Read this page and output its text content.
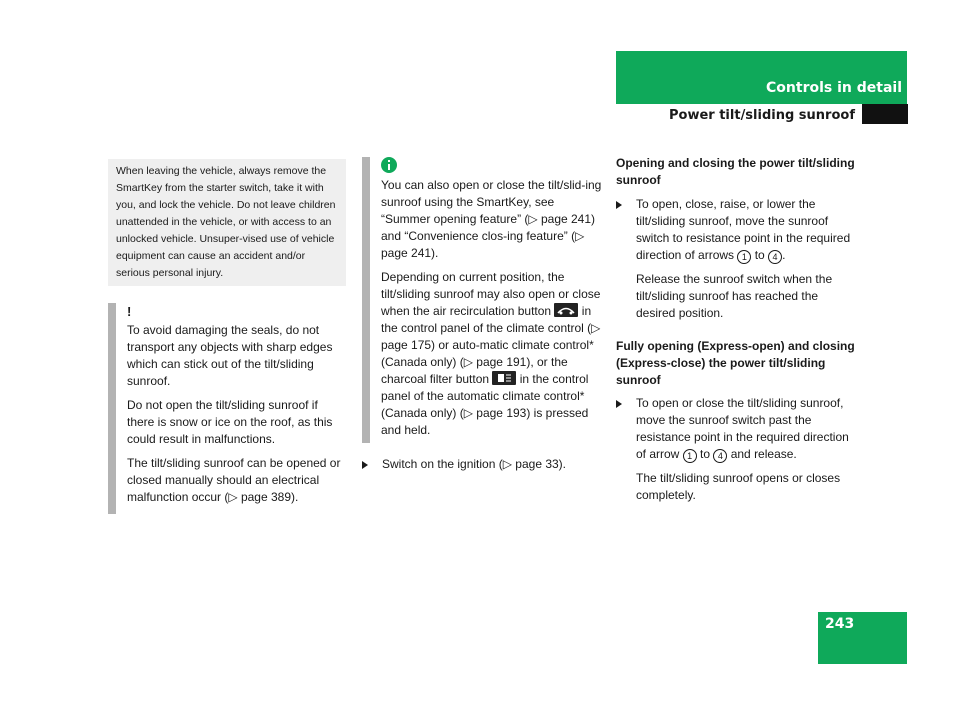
Controls in detail
Power tilt/sliding sunroof
When leaving the vehicle, always remove the SmartKey from the starter switch, take it with you, and lock the vehicle. Do not leave children unattended in the vehicle, or with access to an unlocked vehicle. Unsuper-vised use of vehicle equipment can cause an accident and/or serious personal injury.
!

To avoid damaging the seals, do not transport any objects with sharp edges which can stick out of the tilt/sliding sunroof.

Do not open the tilt/sliding sunroof if there is snow or ice on the roof, as this could result in malfunctions.

The tilt/sliding sunroof can be opened or closed manually should an electrical malfunction occur (▷ page 389).

You can also open or close the tilt/slid-ing sunroof using the SmartKey, see “Summer opening feature” (▷ page 241) and “Convenience clos-ing feature” (▷ page 241).

Depending on current position, the tilt/sliding sunroof may also open or close when the air recirculation button  in the control panel of the climate control (▷ page 175) or auto-matic climate control* (Canada only) (▷ page 191), or the charcoal filter button  in the control panel of the automatic climate control* (Canada only) (▷ page 193) is pressed and held.

Switch on the ignition (▷ page 33).

Opening and closing the power tilt/sliding sunroof

To open, close, raise, or lower the tilt/sliding sunroof, move the sunroof switch to resistance point in the required direction of arrows 1 to 4 .

Release the sunroof switch when the tilt/sliding sunroof has reached the desired position.

Fully opening (Express-open) and closing (Express-close) the power tilt/sliding sunroof

To open or close the tilt/sliding sunroof, move the sunroof switch past the resistance point in the required direction of arrow 1 to 4 and release.

The tilt/sliding sunroof opens or closes completely.

243
